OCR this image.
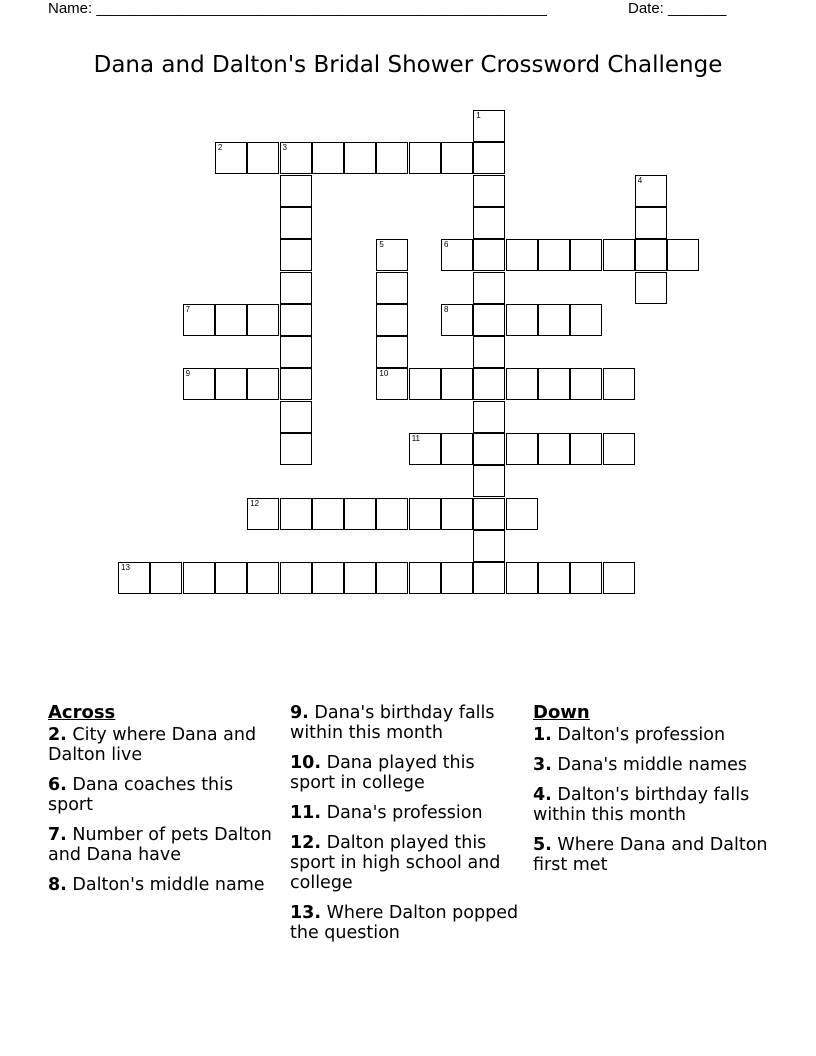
Name: ______________________________________________________	Date: _______
Dana and Dalton's Bridal Shower Crossword Challenge
1
2	3
4
5
10
6
7	8
9
11
12
13
Across
2. City where Dana and Dalton live
6. Dana coaches this sport
7. Number of pets Dalton and Dana have
8. Dalton's middle name
9. Dana's birthday falls within this month
10. Dana played this sport in college
11. Dana's profession
12. Dalton played this sport in high school and college
13. Where Dalton popped the question
Down
1. Dalton's profession
3. Dana's middle names
4. Dalton's birthday falls within this month
5. Where Dana and Dalton first met
